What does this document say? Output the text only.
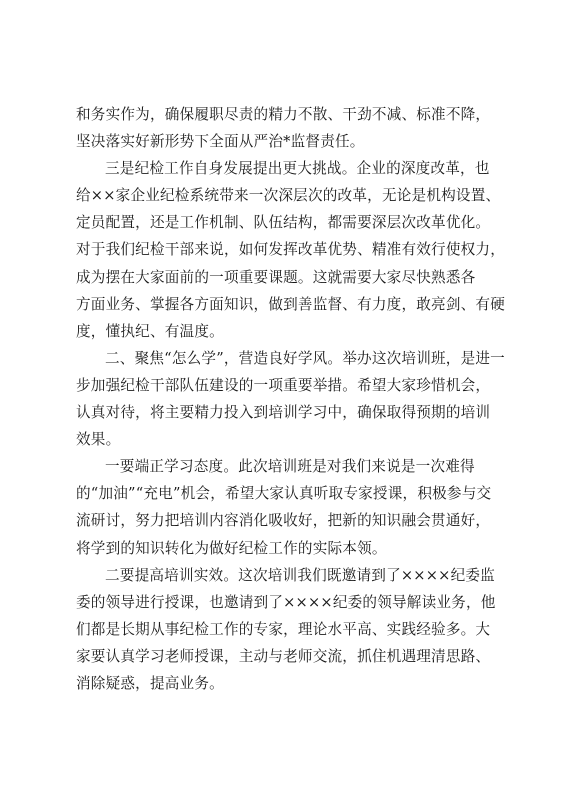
和务实作为，确保履职尽责的精力不散、干劲不减、标准不降，
坚决落实好新形势下全面从严治*监督责任。
三是纪检工作自身发展提出更大挑战。企业的深度改革，也
给××家企业纪检系统带来一次深层次的改革，无论是机构设置、
定员配置，还是工作机制、队伍结构，都需要深层次改革优化。
对于我们纪检干部来说，如何发挥改革优势、精准有效行使权力，
成为摆在大家面前的一项重要课题。这就需要大家尽快熟悉各
方面业务、掌握各方面知识，做到善监督、有力度，敢亮剑、有硬
度，懂执纪、有温度。
二、聚焦“怎么学”，营造良好学风。举办这次培训班，是进一
步加强纪检干部队伍建设的一项重要举措。希望大家珍惜机会，
认真对待，将主要精力投入到培训学习中，确保取得预期的培训
效果。
一要端正学习态度。此次培训班是对我们来说是一次难得
的“加油”“充电”机会，希望大家认真听取专家授课，积极参与交
流研讨，努力把培训内容消化吸收好，把新的知识融会贯通好，
将学到的知识转化为做好纪检工作的实际本领。
二要提高培训实效。这次培训我们既邀请到了××××纪委监
委的领导进行授课，也邀请到了××××纪委的领导解读业务，他
们都是长期从事纪检工作的专家，理论水平高、实践经验多。大
家要认真学习老师授课，主动与老师交流，抓住机遇理清思路、
消除疑惑，提高业务。
